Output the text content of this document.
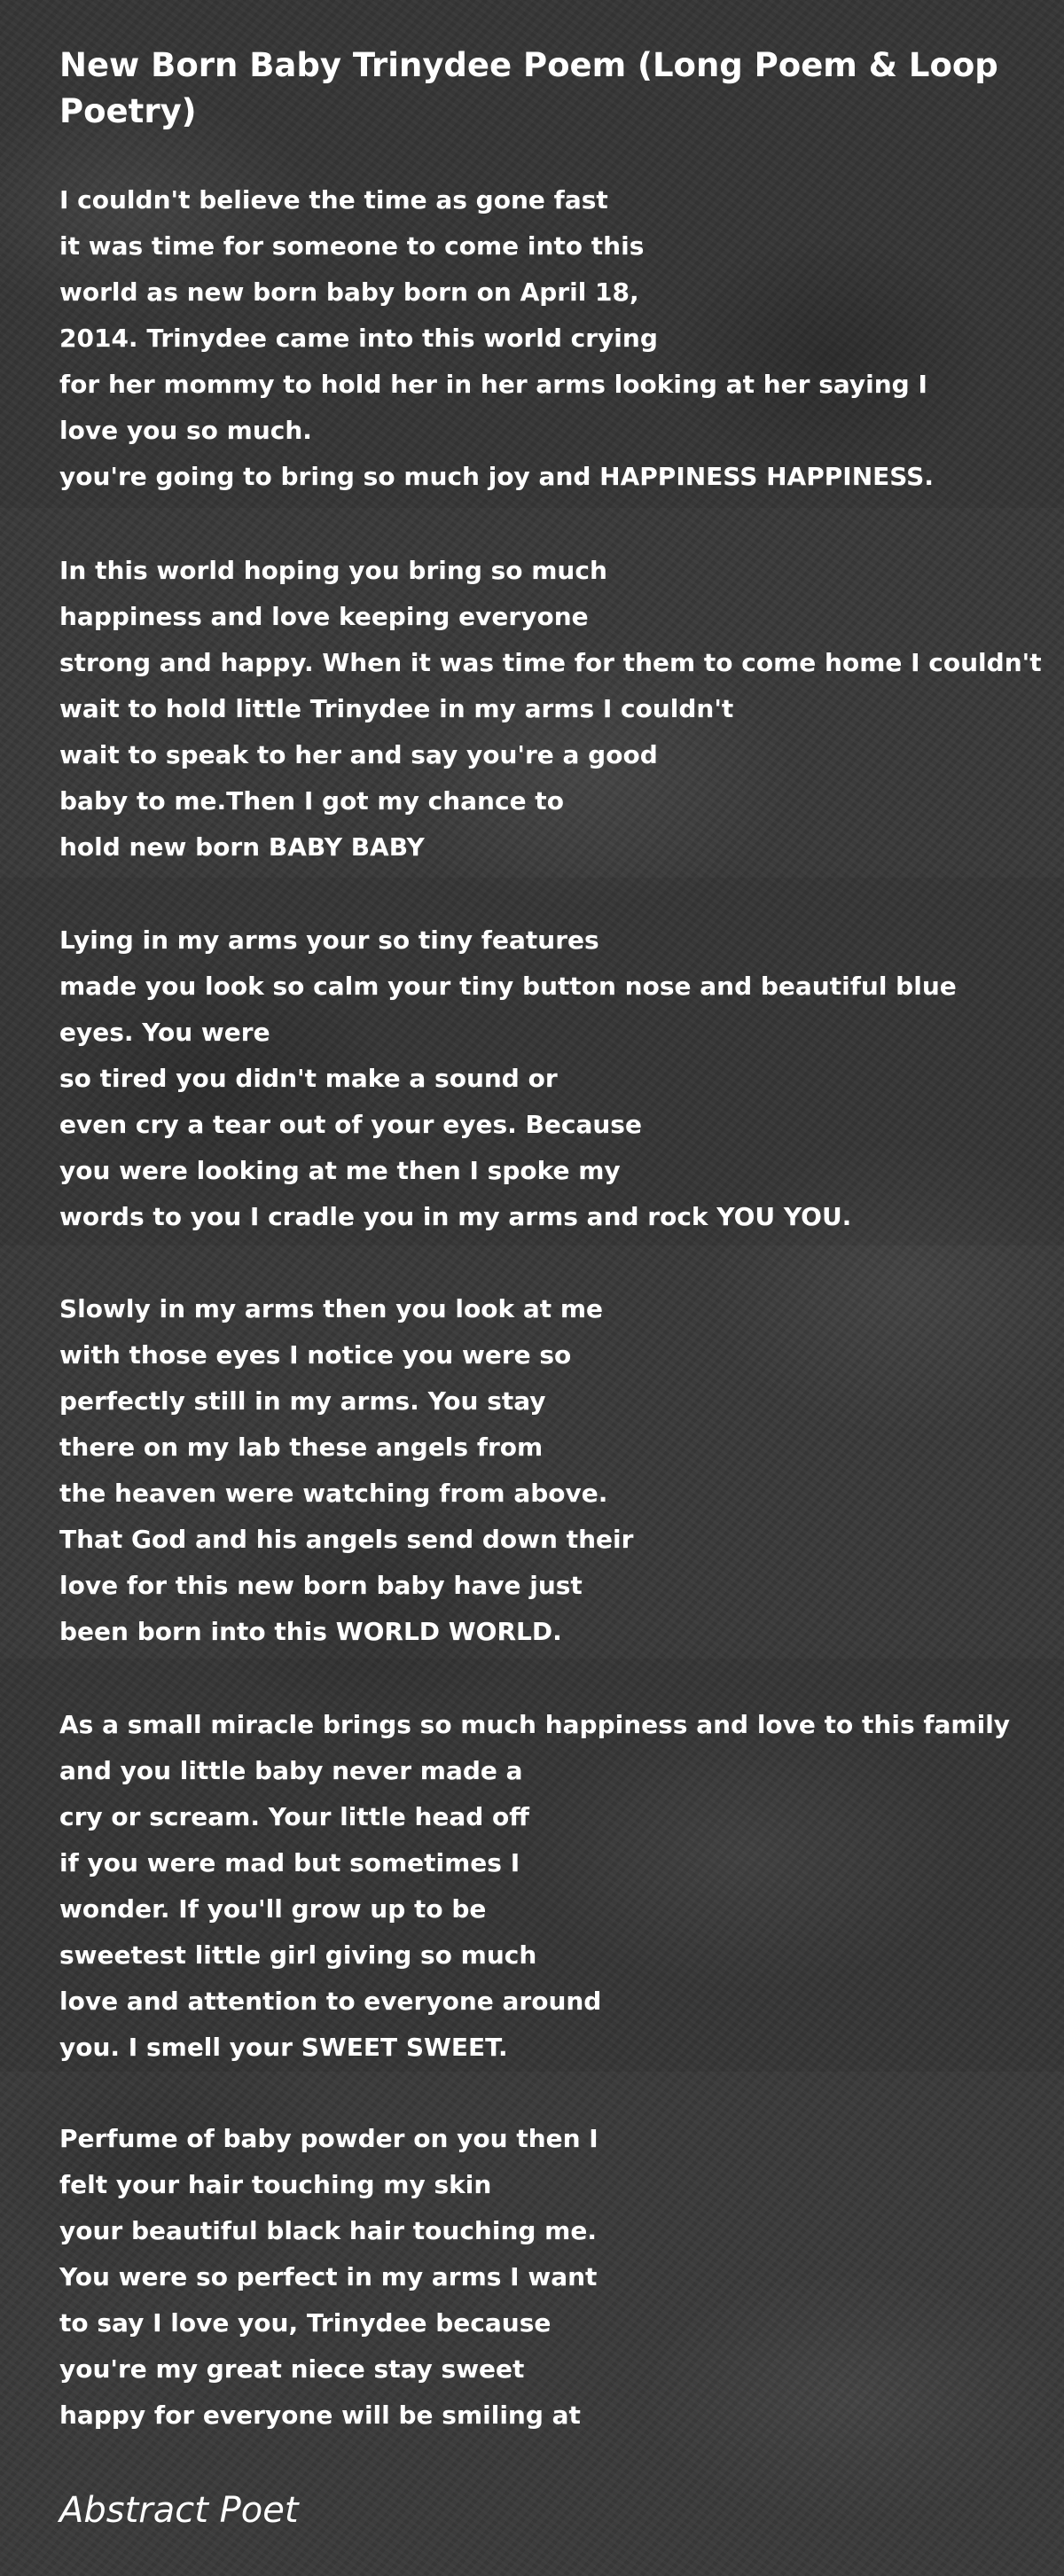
New Born Baby Trinydee Poem (Long Poem & Loop Poetry)
I couldn't believe the time as gone fast
it was time for someone to come into this
world as new born baby born on April 18,
2014. Trinydee came into this world crying
for her mommy to hold her in her arms looking at her saying I
love you so much.
you're going to bring so much joy and HAPPINESS HAPPINESS.
In this world hoping you bring so much
happiness and love keeping everyone
strong and happy. When it was time for them to come home I couldn't
wait to hold little Trinydee in my arms I couldn't
wait to speak to her and say you're a good
baby to me.Then I got my chance to
hold new born BABY BABY
Lying in my arms your so tiny features
made you look so calm your tiny button nose and beautiful blue
eyes. You were
so tired you didn't make a sound or
even cry a tear out of your eyes. Because
you were looking at me then I spoke my
words to you I cradle you in my arms and rock YOU YOU.
Slowly in my arms then you look at me
with those eyes I notice you were so
perfectly still in my arms. You stay
there on my lab these angels from
the heaven were watching from above.
That God and his angels send down their
love for this new born baby have just
been born into this WORLD WORLD.
As a small miracle brings so much happiness and love to this family
and you little baby never made a
cry or scream. Your little head off
if you were mad but sometimes I
wonder. If you'll grow up to be
sweetest little girl giving so much
love and attention to everyone around
you. I smell your SWEET SWEET.
Perfume of baby powder on you then I
felt your hair touching my skin
your beautiful black hair touching me.
You were so perfect in my arms I want
to say I love you, Trinydee because
you're my great niece stay sweet
happy for everyone will be smiling at
Abstract Poet
